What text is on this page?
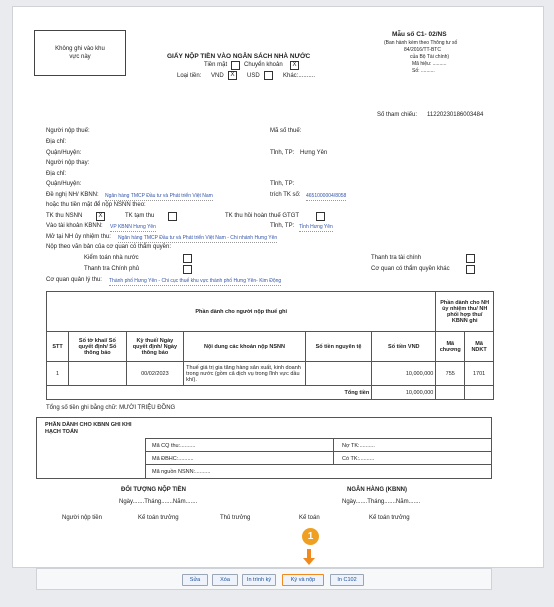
Không ghi vào khu vực này
Mẫu số C1- 02/NS
(Ban hành kèm theo Thông tư số
84/2016/TT-BTC
của Bộ Tài chính)
Mã hiệu: ..........
Số: ..........
GIẤY NỘP TIỀN VÀO NGÂN SÁCH NHÀ NƯỚC
Tiền mặt	Chuyển khoản	X
Loại tiền: VND	X	USD	Khác:..........
Số tham chiếu: 11220230186003484
Người nộp thuế:	Mã số thuế:
Địa chỉ:
Quận/Huyện:	Tỉnh, TP: Hưng Yên
Người nộp thay:
Địa chỉ:
Quận/Huyện:	Tỉnh, TP:
Đề nghị NH/ KBNN: Ngân hàng TMCP Đầu tư và Phát triển Việt Nam	trích TK số: 4651000004/8058
hoặc thu tiền mặt để nộp NSNN theo:
TK thu NSNN	X	TK tạm thu	TK thu hồi hoàn thuế GTGT
Vào tài khoản KBNN: VP KBNN Hưng Yên	Tỉnh, TP: Tỉnh Hưng Yên
Mở tại NH ủy nhiệm thu: Ngân hàng TMCP Đầu tư và Phát triển Việt Nam - Chi nhánh Hưng Yên
Nộp theo văn bản của cơ quan có thẩm quyền:
Kiểm toán nhà nước	Thanh tra tài chính
Thanh tra Chính phủ	Cơ quan có thẩm quyền khác
Cơ quan quản lý thu: Thành phố Hưng Yên - Chi cục thuế khu vực thành phố Hưng Yên- Kim Động
Phần dành cho người nộp thuế ghi						Phần dành cho NH ủy nhiệm thu/ NH phối hợp thu/ KBNN ghi	
STT	Số tờ khai/ Số quyết định/ Số thông báo	Kỳ thuế/ Ngày quyết định/ Ngày thông báo	Nội dung các khoản nộp NSNN	Số tiền nguyên tệ	Số tiền VND	Mã chương	Mã NDKT
1		00/02/2023	Thuế giá trị gia tăng hàng sản xuất, kinh doanh trong nước (gồm cả dịch vụ trong lĩnh vực dầu khí).		10,000,000	755	1701
Tổng tiền					10,000,000		
Tổng số tiền ghi bằng chữ: MƯỜI TRIỆU ĐỒNG
PHẦN DÀNH CHO KBNN GHI KHI HẠCH TOÁN
Mã CQ thu:..........	Nợ TK:..........
Mã ĐBHC:..........	Có TK:..........
Mã nguồn NSNN:..........
ĐỐI TƯỢNG NỘP TIỀN	NGÂN HÀNG (KBNN)
Ngày.......Tháng.......Năm.......	Ngày.......Tháng.......Năm.......
Người nộp tiền	Kế toán trưởng	Thủ trưởng	Kế toán	Kế toán trưởng
1
Sửa	Xóa	In trình ký	Ký và nộp	In C102
